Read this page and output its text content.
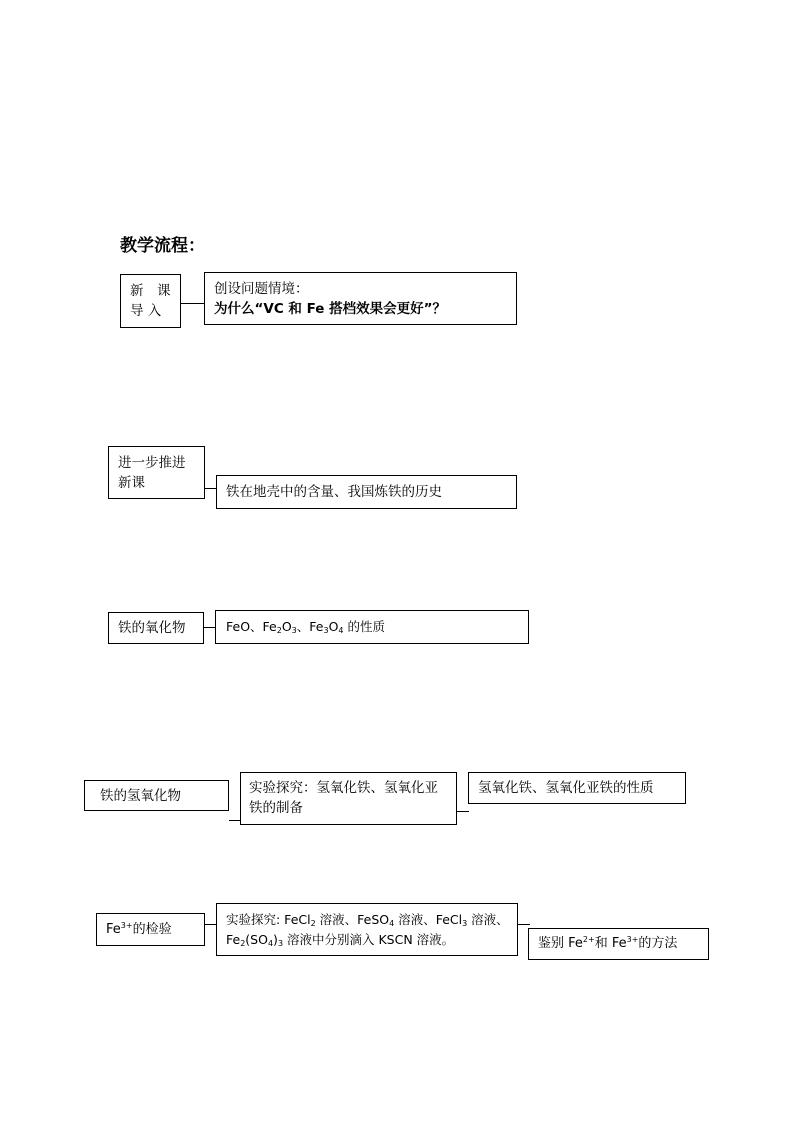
教学流程：
新　课
导 入
创设问题情境：
为什么“VC 和 Fe 搭档效果会更好”？
进一步推进
新课
铁在地壳中的含量、我国炼铁的历史
铁的氧化物	FeO、$Fe_2O_3$、$Fe_3O_4$ 的性质
铁的氢氧化物	实验探究：氢氧化铁、氢氧化亚
铁的制备
氢氧化铁、氢氧化亚铁的性质
$Fe^{3+}$的检验
实验探究: FeCl$_2$ 溶液、FeSO$_4$ 溶液、FeCl$_3$ 溶液、
$Fe_2(SO_4)_3$ 溶液中分别滴入 KSCN 溶液。	鉴别 $Fe^{2+}$和 $Fe^{3+}$的方法
